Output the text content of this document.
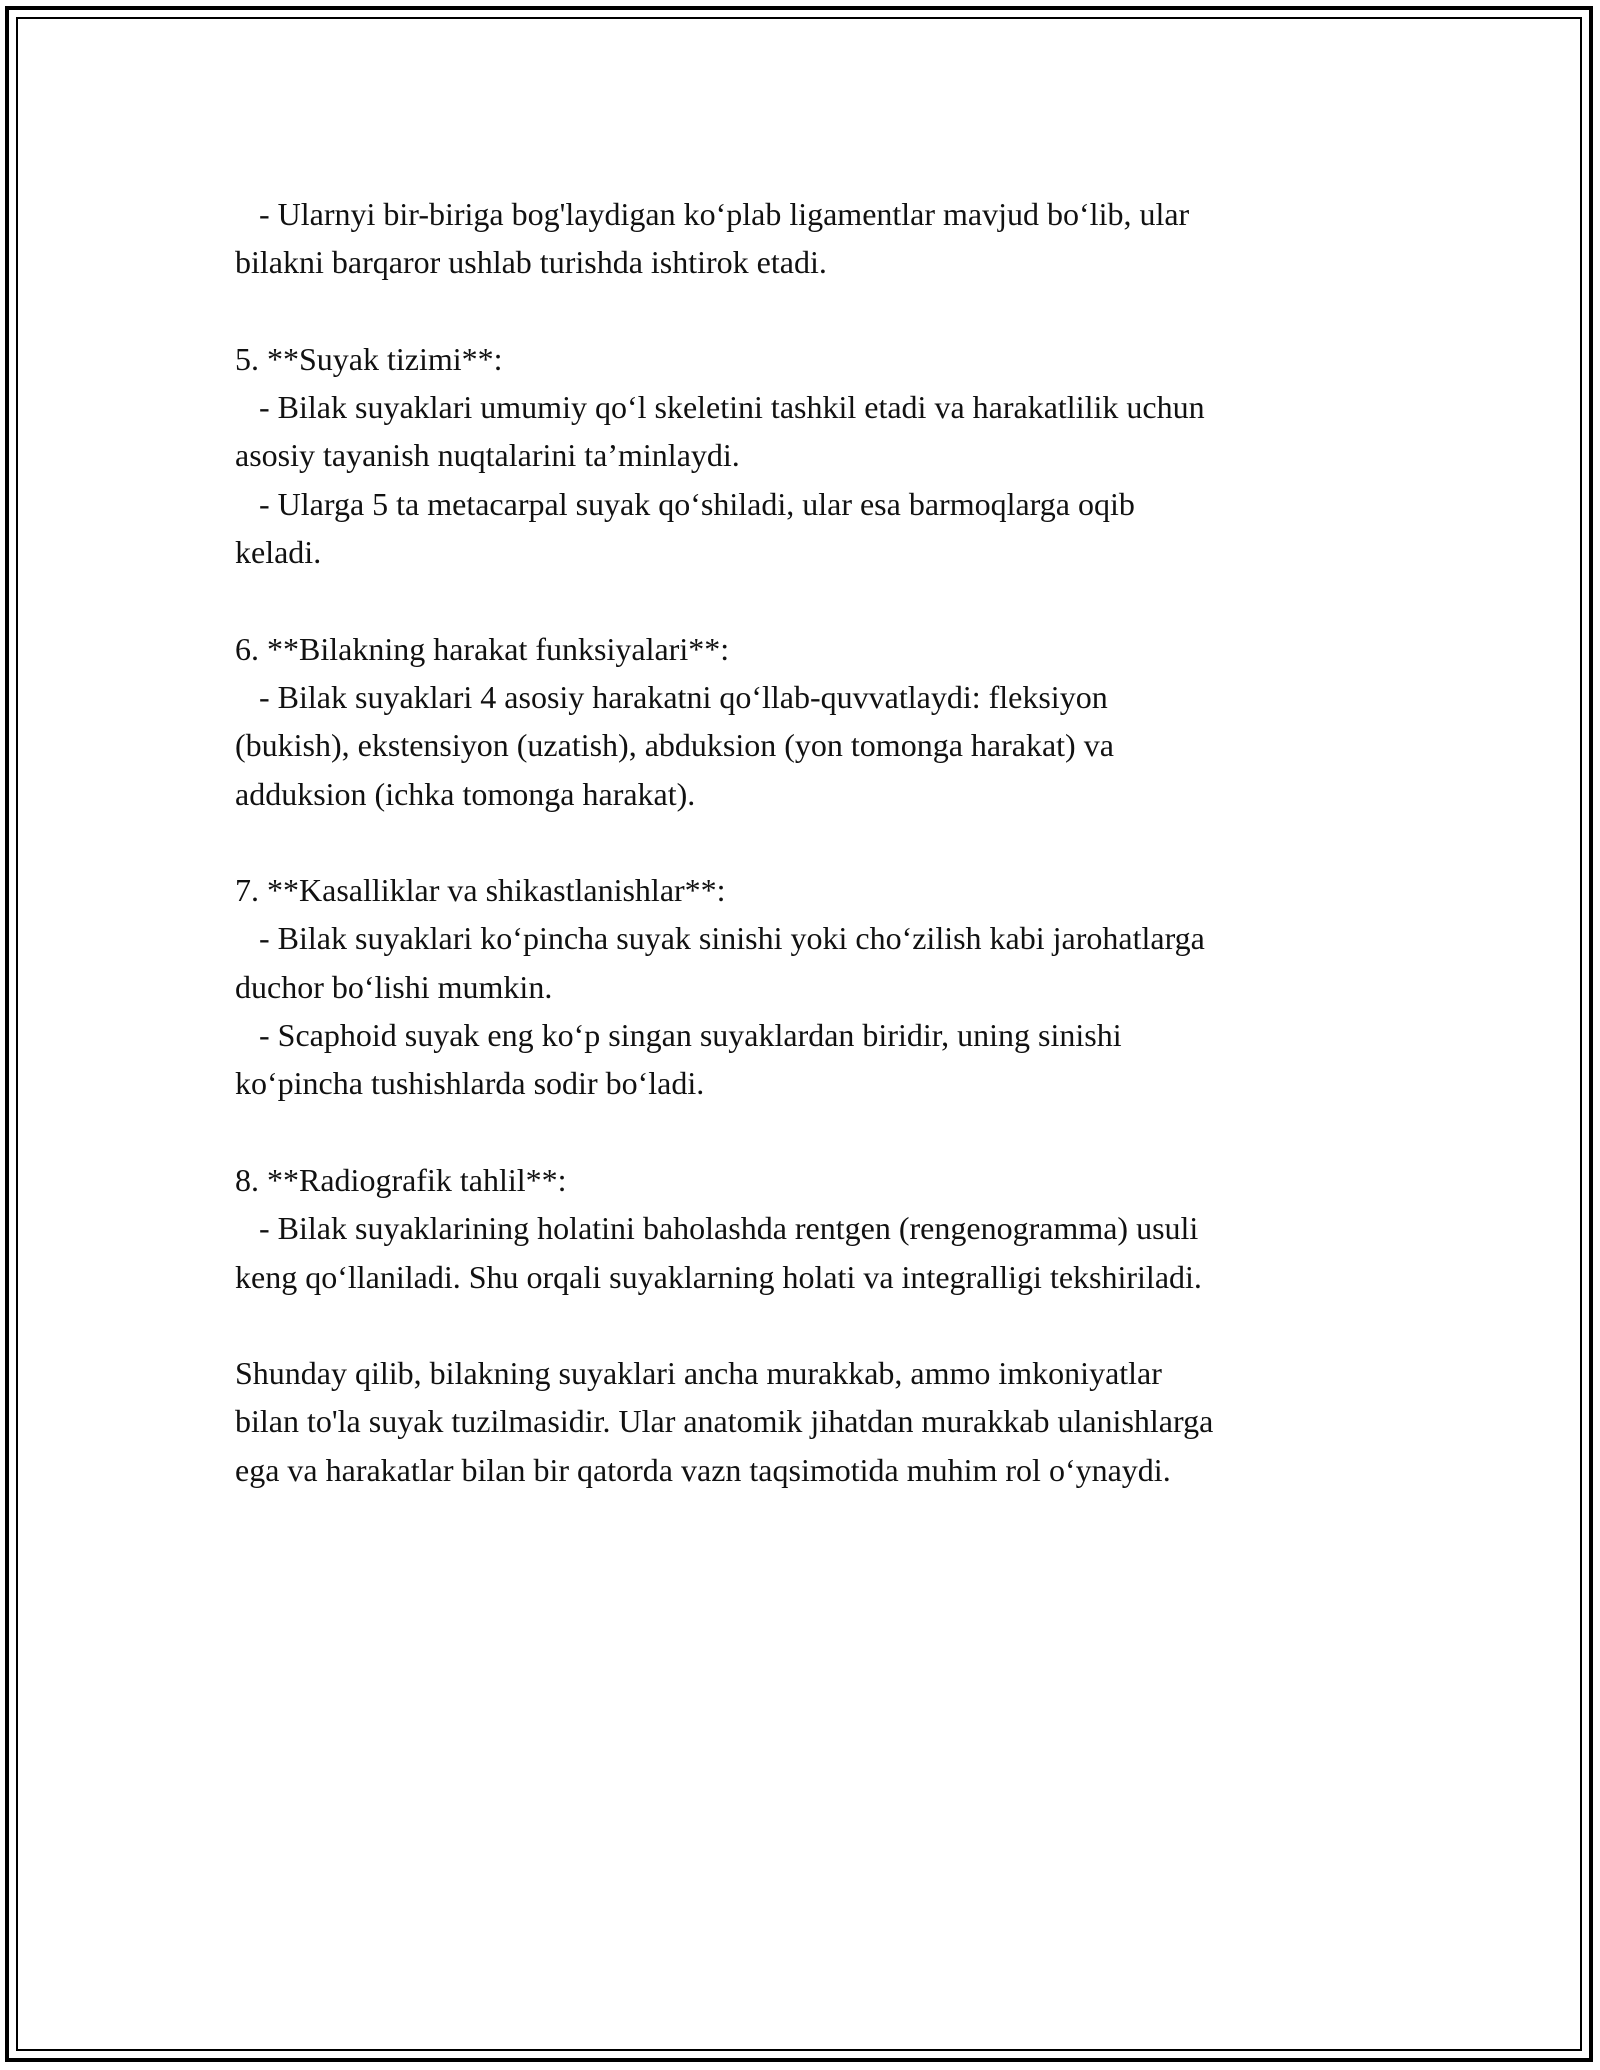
- Ularnyi bir-biriga bog'laydigan ko‘plab ligamentlar mavjud bo‘lib, ular
bilakni barqaror ushlab turishda ishtirok etadi.
5. **Suyak tizimi**:
- Bilak suyaklari umumiy qo‘l skeletini tashkil etadi va harakatlilik uchun
asosiy tayanish nuqtalarini ta’minlaydi.
- Ularga 5 ta metacarpal suyak qo‘shiladi, ular esa barmoqlarga oqib
keladi.
6. **Bilakning harakat funksiyalari**:
- Bilak suyaklari 4 asosiy harakatni qo‘llab-quvvatlaydi: fleksiyon
(bukish), ekstensiyon (uzatish), abduksion (yon tomonga harakat) va
adduksion (ichka tomonga harakat).
7. **Kasalliklar va shikastlanishlar**:
- Bilak suyaklari ko‘pincha suyak sinishi yoki cho‘zilish kabi jarohatlarga
duchor bo‘lishi mumkin.
- Scaphoid suyak eng ko‘p singan suyaklardan biridir, uning sinishi
ko‘pincha tushishlarda sodir bo‘ladi.
8. **Radiografik tahlil**:
- Bilak suyaklarining holatini baholashda rentgen (rengenogramma) usuli
keng qo‘llaniladi. Shu orqali suyaklarning holati va integralligi tekshiriladi.
Shunday qilib, bilakning suyaklari ancha murakkab, ammo imkoniyatlar
bilan to'la suyak tuzilmasidir. Ular anatomik jihatdan murakkab ulanishlarga
ega va harakatlar bilan bir qatorda vazn taqsimotida muhim rol o‘ynaydi.
